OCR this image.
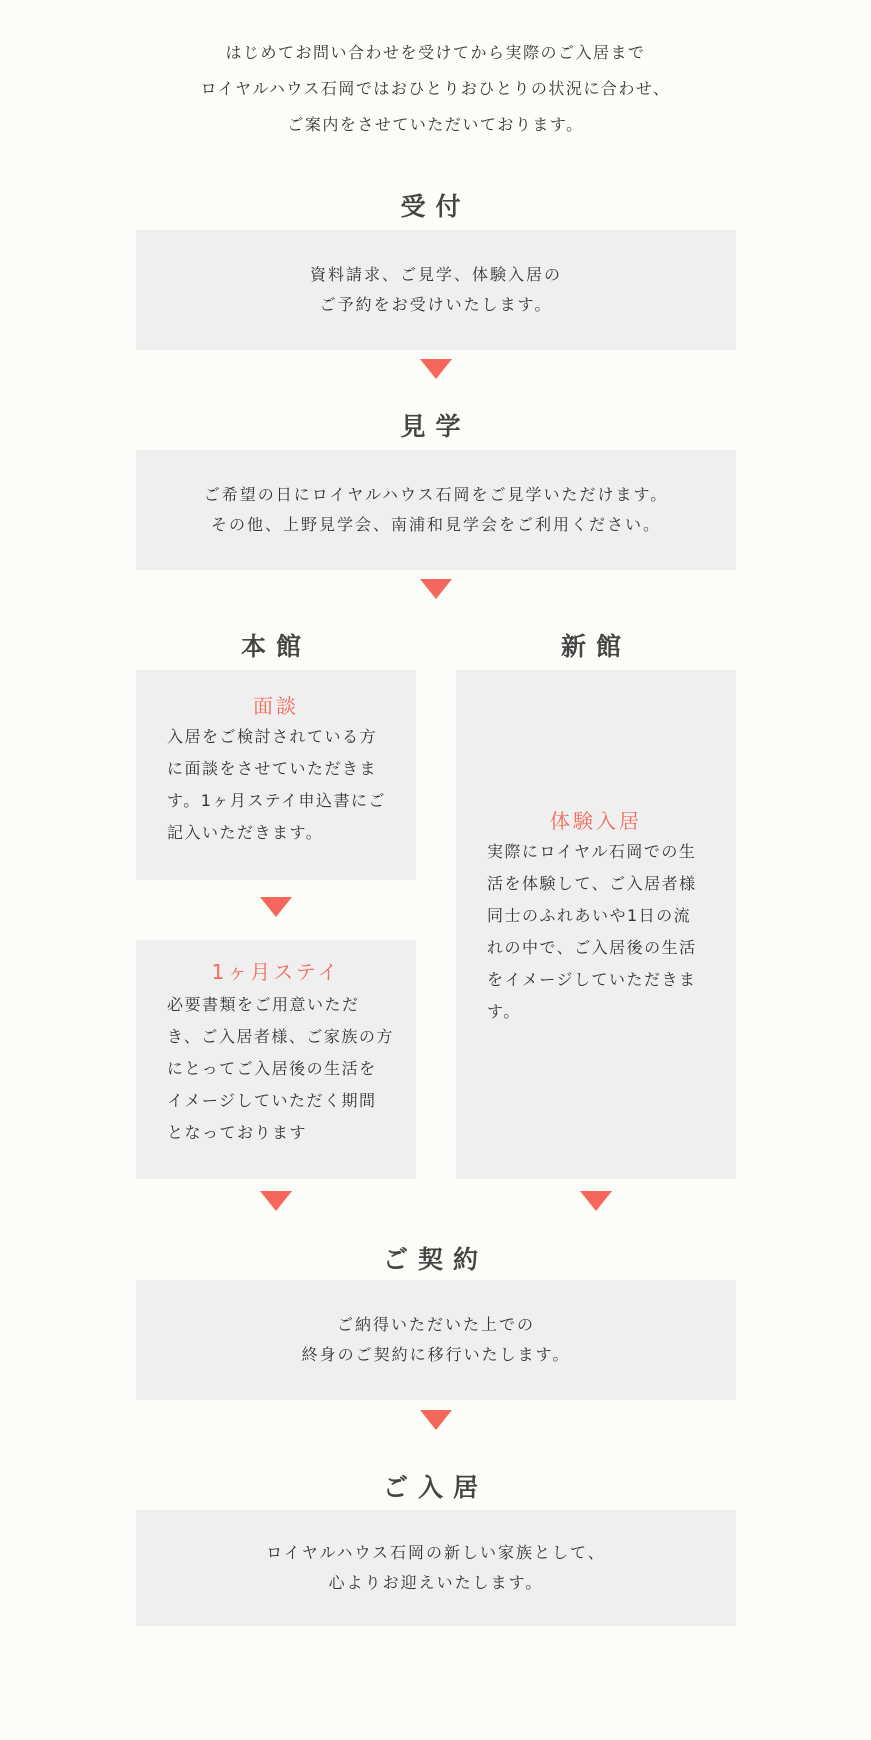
はじめてお問い合わせを受けてから実際のご入居まで
ロイヤルハウス石岡ではおひとりおひとりの状況に合わせ、
ご案内をさせていただいております。
受付
資料請求、ご見学、体験入居の
ご予約をお受けいたします。
見学
ご希望の日にロイヤルハウス石岡をご見学いただけます。
その他、上野見学会、南浦和見学会をご利用ください。
本館	新館
面談
入居をご検討されている方
に面談をさせていただきま
す。1ヶ月ステイ申込書にご
記入いただきます。
1ヶ月ステイ
必要書類をご用意いただ
き、ご入居者様、ご家族の方
にとってご入居後の生活を
イメージしていただく期間
となっております
体験入居
実際にロイヤル石岡での生
活を体験して、ご入居者様
同士のふれあいや1日の流
れの中で、ご入居後の生活
をイメージしていただきま
す。
ご契約
ご納得いただいた上での
終身のご契約に移行いたします。
ご入居
ロイヤルハウス石岡の新しい家族として、
心よりお迎えいたします。
